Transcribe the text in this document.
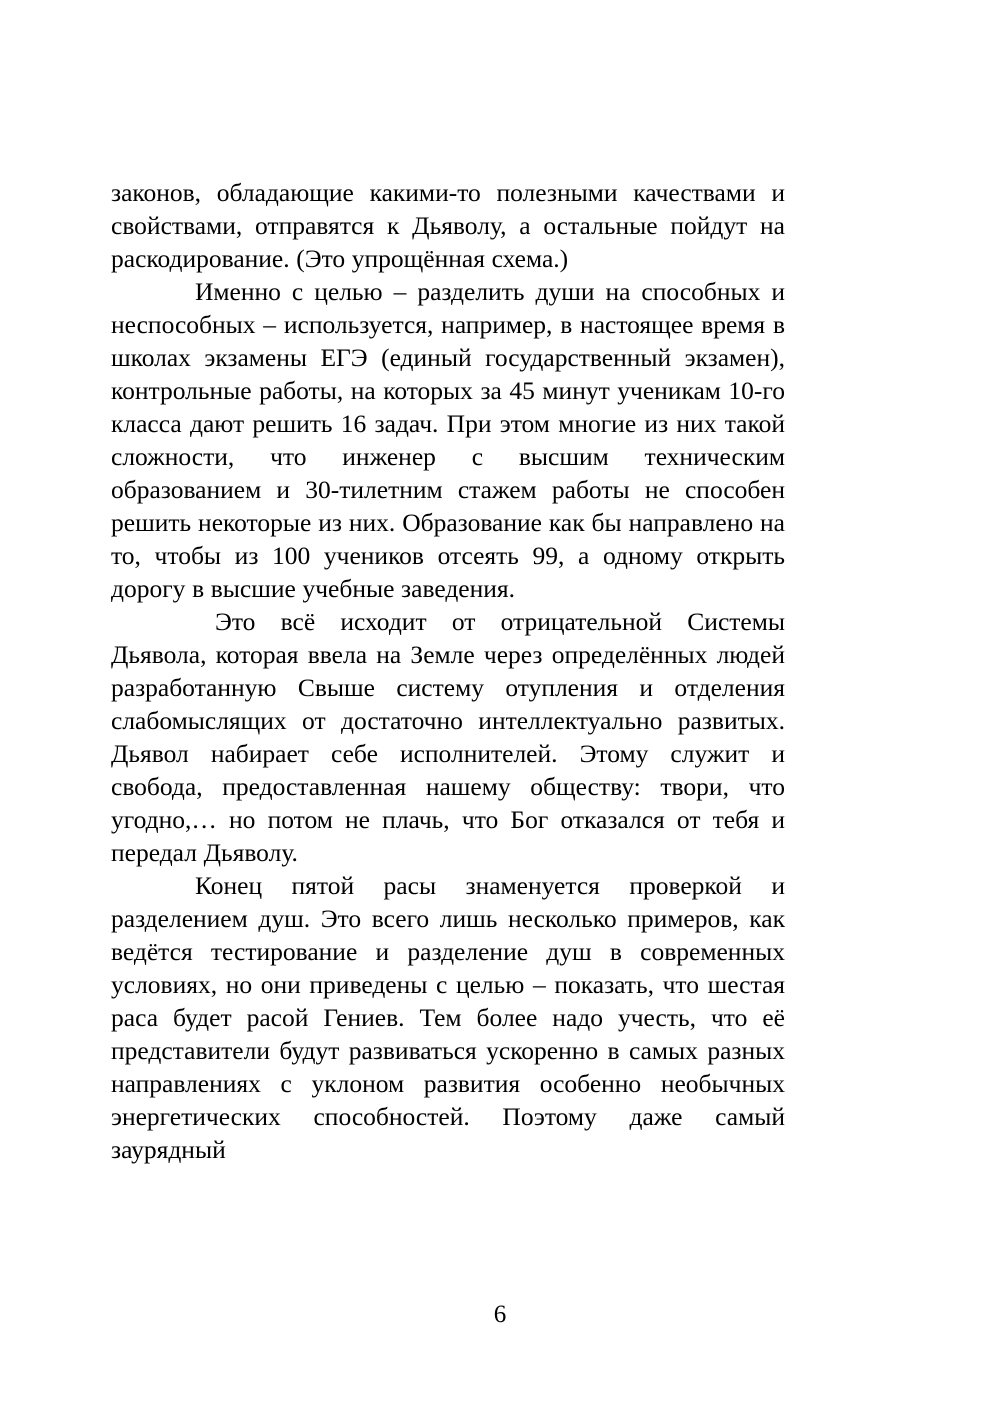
законов, обладающие какими-то полезными качествами и свойствами, отправятся к Дьяволу, а остальные пойдут на раскодирование. (Это упрощённая схема.)

Именно с целью – разделить души на способных и неспособных – используется, например, в настоящее время в школах экзамены ЕГЭ (единый государственный экзамен), контрольные работы, на которых за 45 минут ученикам 10-го класса дают решить 16 задач. При этом многие из них такой сложности, что инженер с высшим техническим образованием и 30-тилетним стажем работы не способен решить некоторые из них. Образование как бы направлено на то, чтобы из 100 учеников отсеять 99, а одному открыть дорогу в высшие учебные заведения.

Это всё исходит от отрицательной Системы Дьявола, которая ввела на Земле через определённых людей разработанную Свыше систему отупления и отделения слабомыслящих от достаточно интеллектуально развитых. Дьявол набирает себе исполнителей. Этому служит и свобода, предоставленная нашему обществу: твори, что угодно,… но потом не плачь, что Бог отказался от тебя и передал Дьяволу.

Конец пятой расы знаменуется проверкой и разделением душ. Это всего лишь несколько примеров, как ведётся тестирование и разделение душ в современных условиях, но они приведены с целью – показать, что шестая раса будет расой Гениев. Тем более надо учесть, что её представители будут развиваться ускоренно в самых разных направлениях с уклоном развития особенно необычных энергетических способностей. Поэтому даже самый заурядный

6
